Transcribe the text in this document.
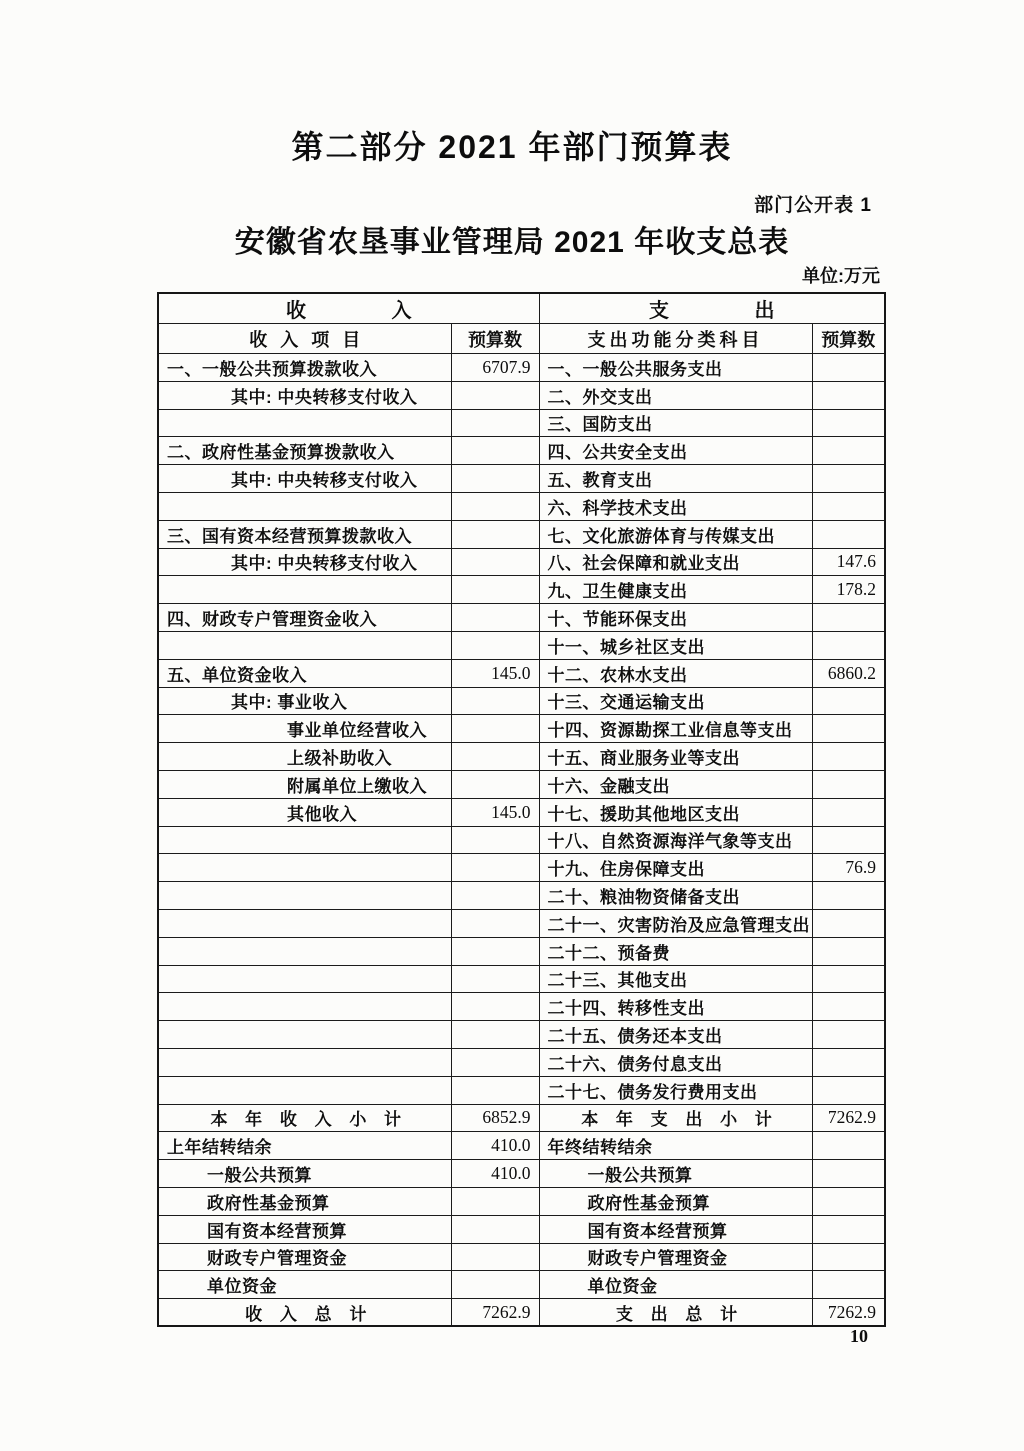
第二部分 2021 年部门预算表
部门公开表 1
安徽省农垦事业管理局 2021 年收支总表
单位:万元
收 入		支 出	
收 入 项 目	预算数	支出功能分类科目	预算数
一、一般公共预算拨款收入	6707.9	一、一般公共服务支出	
其中: 中央转移支付收入		二、外交支出	
		三、国防支出	
二、政府性基金预算拨款收入		四、公共安全支出	
其中: 中央转移支付收入		五、教育支出	
		六、科学技术支出	
三、国有资本经营预算拨款收入		七、文化旅游体育与传媒支出	
其中: 中央转移支付收入		八、社会保障和就业支出	147.6
		九、卫生健康支出	178.2
四、财政专户管理资金收入		十、节能环保支出	
		十一、城乡社区支出	
五、单位资金收入	145.0	十二、农林水支出	6860.2
其中: 事业收入		十三、交通运输支出	
事业单位经营收入		十四、资源勘探工业信息等支出	
上级补助收入		十五、商业服务业等支出	
附属单位上缴收入		十六、金融支出	
其他收入	145.0	十七、援助其他地区支出	
		十八、自然资源海洋气象等支出	
		十九、住房保障支出	76.9
		二十、粮油物资储备支出	
		二十一、灾害防治及应急管理支出	
		二十二、预备费	
		二十三、其他支出	
		二十四、转移性支出	
		二十五、债务还本支出	
		二十六、债务付息支出	
		二十七、债务发行费用支出	
本 年 收 入 小 计	6852.9	本 年 支 出 小 计	7262.9
上年结转结余	410.0	年终结转结余	
一般公共预算	410.0	一般公共预算	
政府性基金预算		政府性基金预算	
国有资本经营预算		国有资本经营预算	
财政专户管理资金		财政专户管理资金	
单位资金		单位资金	
收 入 总 计	7262.9	支 出 总 计	7262.9
10
